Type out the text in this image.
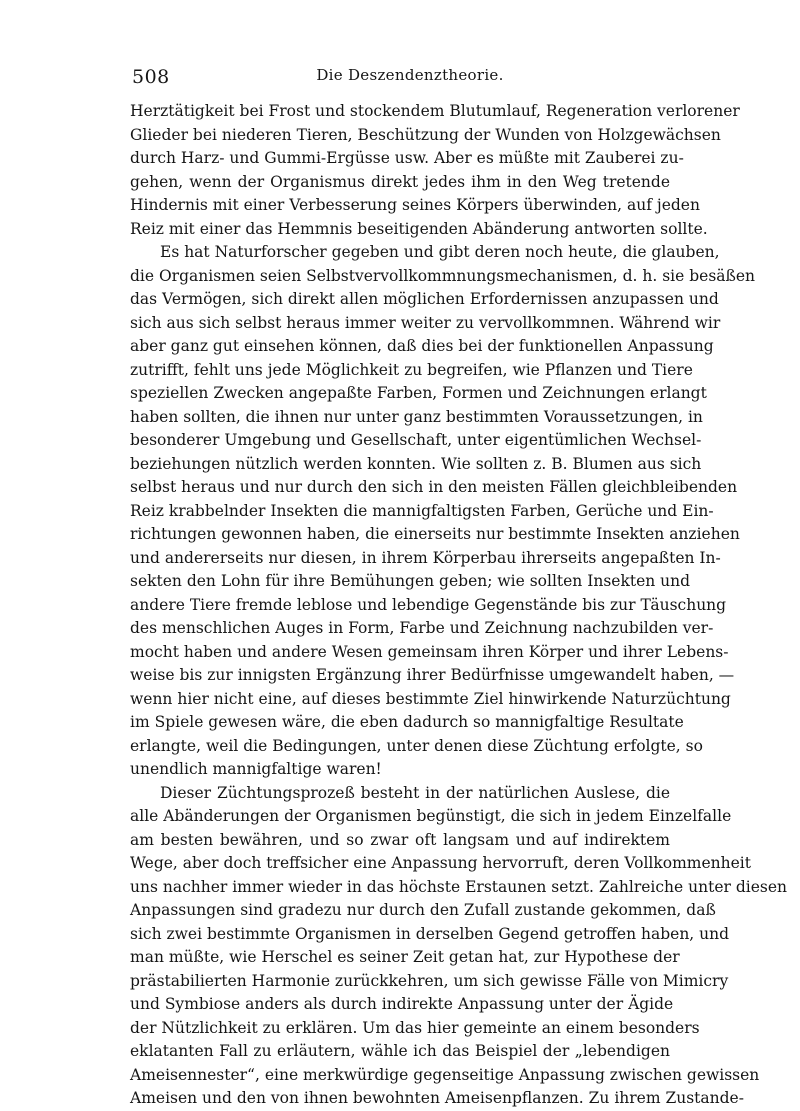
508	Die Deszendenztheorie.
Herztätigkeit bei Frost und stockendem Blutumlauf, Regeneration verlorener
Glieder bei niederen Tieren, Beschützung der Wunden von Holzgewächsen
durch Harz- und Gummi-Ergüsse usw. Aber es müßte mit Zauberei zu-
gehen, wenn der Organismus direkt jedes ihm in den Weg tretende
Hindernis mit einer Verbesserung seines Körpers überwinden, auf jeden
Reiz mit einer das Hemmnis beseitigenden Abänderung antworten sollte.
Es hat Naturforscher gegeben und gibt deren noch heute, die glauben,
die Organismen seien Selbstvervollkommnungsmechanismen, d. h. sie besäßen
das Vermögen, sich direkt allen möglichen Erfordernissen anzupassen und
sich aus sich selbst heraus immer weiter zu vervollkommnen. Während wir
aber ganz gut einsehen können, daß dies bei der funktionellen Anpassung
zutrifft, fehlt uns jede Möglichkeit zu begreifen, wie Pflanzen und Tiere
speziellen Zwecken angepaßte Farben, Formen und Zeichnungen erlangt
haben sollten, die ihnen nur unter ganz bestimmten Voraussetzungen, in
besonderer Umgebung und Gesellschaft, unter eigentümlichen Wechsel-
beziehungen nützlich werden konnten. Wie sollten z. B. Blumen aus sich
selbst heraus und nur durch den sich in den meisten Fällen gleichbleibenden
Reiz krabbelnder Insekten die mannigfaltigsten Farben, Gerüche und Ein-
richtungen gewonnen haben, die einerseits nur bestimmte Insekten anziehen
und andererseits nur diesen, in ihrem Körperbau ihrerseits angepaßten In-
sekten den Lohn für ihre Bemühungen geben; wie sollten Insekten und
andere Tiere fremde leblose und lebendige Gegenstände bis zur Täuschung
des menschlichen Auges in Form, Farbe und Zeichnung nachzubilden ver-
mocht haben und andere Wesen gemeinsam ihren Körper und ihrer Lebens-
weise bis zur innigsten Ergänzung ihrer Bedürfnisse umgewandelt haben, —
wenn hier nicht eine, auf dieses bestimmte Ziel hinwirkende Naturzüchtung
im Spiele gewesen wäre, die eben dadurch so mannigfaltige Resultate
erlangte, weil die Bedingungen, unter denen diese Züchtung erfolgte, so
unendlich mannigfaltige waren!
Dieser Züchtungsprozeß besteht in der natürlichen Auslese, die
alle Abänderungen der Organismen begünstigt, die sich in jedem Einzelfalle
am besten bewähren, und so zwar oft langsam und auf indirektem
Wege, aber doch treffsicher eine Anpassung hervorruft, deren Vollkommenheit
uns nachher immer wieder in das höchste Erstaunen setzt. Zahlreiche unter diesen
Anpassungen sind gradezu nur durch den Zufall zustande gekommen, daß
sich zwei bestimmte Organismen in derselben Gegend getroffen haben, und
man müßte, wie Herschel es seiner Zeit getan hat, zur Hypothese der
prästabilierten Harmonie zurückkehren, um sich gewisse Fälle von Mimicry
und Symbiose anders als durch indirekte Anpassung unter der Ägide
der Nützlichkeit zu erklären. Um das hier gemeinte an einem besonders
eklatanten Fall zu erläutern, wähle ich das Beispiel der „lebendigen
Ameisennester“, eine merkwürdige gegenseitige Anpassung zwischen gewissen
Ameisen und den von ihnen bewohnten Ameisenpflanzen. Zu ihrem Zustande-
